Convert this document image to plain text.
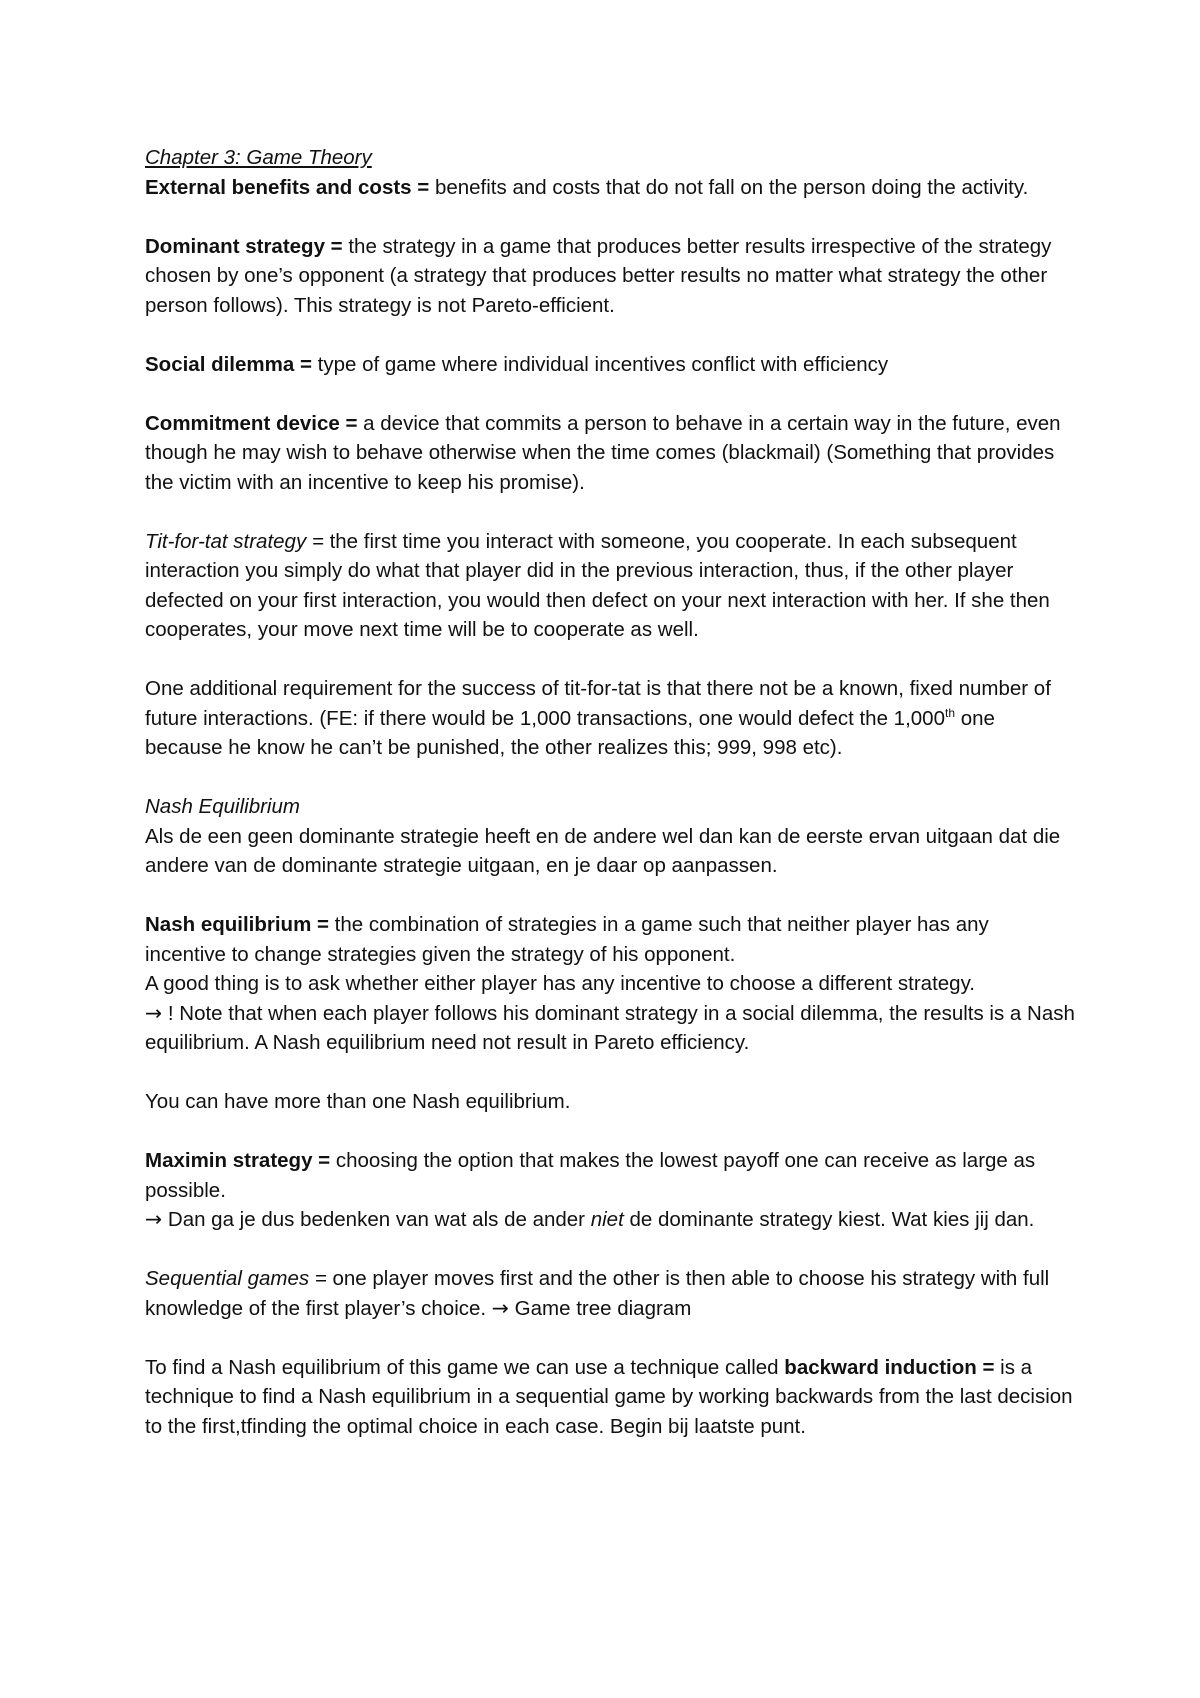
Chapter 3: Game Theory

External benefits and costs = benefits and costs that do not fall on the person doing the activity.

Dominant strategy = the strategy in a game that produces better results irrespective of the strategy chosen by one’s opponent (a strategy that produces better results no matter what strategy the other person follows). This strategy is not Pareto-efficient.

Social dilemma = type of game where individual incentives conflict with efficiency

Commitment device = a device that commits a person to behave in a certain way in the future, even though he may wish to behave otherwise when the time comes (blackmail) (Something that provides the victim with an incentive to keep his promise).

Tit-for-tat strategy = the first time you interact with someone, you cooperate. In each subsequent interaction you simply do what that player did in the previous interaction, thus, if the other player defected on your first interaction, you would then defect on your next interaction with her. If she then cooperates, your move next time will be to cooperate as well.

One additional requirement for the success of tit-for-tat is that there not be a known, fixed number of future interactions. (FE: if there would be 1,000 transactions, one would defect the 1,000th one because he know he can’t be punished, the other realizes this; 999, 998 etc).

Nash Equilibrium

Als de een geen dominante strategie heeft en de andere wel dan kan de eerste ervan uitgaan dat die andere van de dominante strategie uitgaan, en je daar op aanpassen.

Nash equilibrium = the combination of strategies in a game such that neither player has any incentive to change strategies given the strategy of his opponent.

A good thing is to ask whether either player has any incentive to choose a different strategy.

→ ! Note that when each player follows his dominant strategy in a social dilemma, the results is a Nash equilibrium. A Nash equilibrium need not result in Pareto efficiency.

You can have more than one Nash equilibrium.

Maximin strategy = choosing the option that makes the lowest payoff one can receive as large as possible.

→ Dan ga je dus bedenken van wat als de ander niet de dominante strategy kiest. Wat kies jij dan.

Sequential games = one player moves first and the other is then able to choose his strategy with full knowledge of the first player’s choice. → Game tree diagram

To find a Nash equilibrium of this game we can use a technique called backward induction = is a technique to find a Nash equilibrium in a sequential game by working backwards from the last decision to the first,tfinding the optimal choice in each case. Begin bij laatste punt.
